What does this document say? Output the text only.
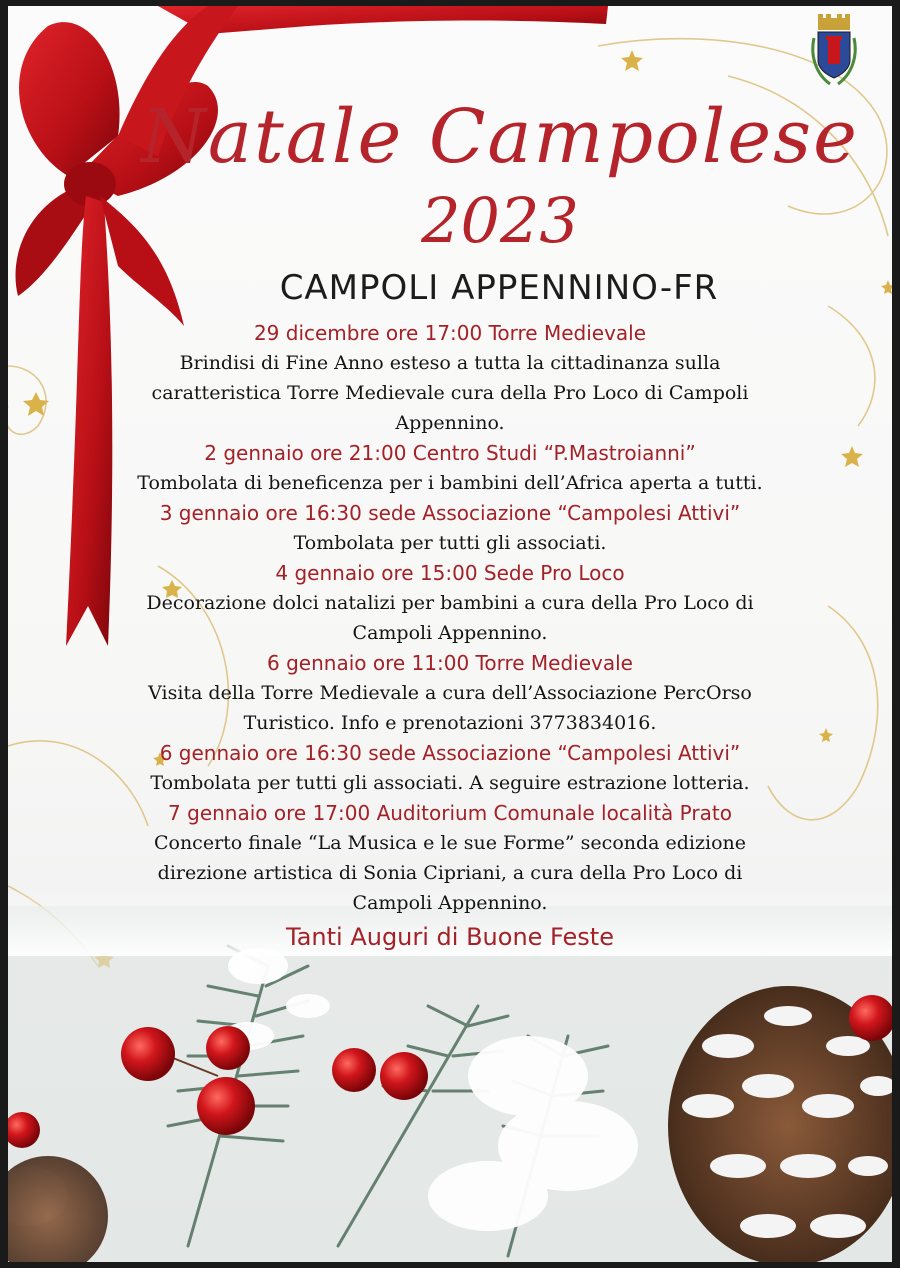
Natale Campolese
2023
CAMPOLI APPENNINO-FR
29 dicembre ore 17:00 Torre Medievale
Brindisi di Fine Anno esteso a tutta la cittadinanza sulla
caratteristica Torre Medievale cura della Pro Loco di Campoli
Appennino.
2 gennaio ore 21:00 Centro Studi “P.Mastroianni”
Tombolata di beneficenza per i bambini dell’Africa aperta a tutti.
3 gennaio ore 16:30 sede Associazione “Campolesi Attivi”
Tombolata per tutti gli associati.
4 gennaio ore 15:00 Sede Pro Loco
Decorazione dolci natalizi per bambini a cura della Pro Loco di
Campoli Appennino.
6 gennaio ore 11:00 Torre Medievale
Visita della Torre Medievale a cura dell’Associazione PercOrso
Turistico. Info e prenotazioni 3773834016.
6 gennaio ore 16:30 sede Associazione “Campolesi Attivi”
Tombolata per tutti gli associati. A seguire estrazione lotteria.
7 gennaio ore 17:00 Auditorium Comunale località Prato
Concerto finale “La Musica e le sue Forme” seconda edizione
direzione artistica di Sonia Cipriani, a cura della Pro Loco di
Campoli Appennino.
Tanti Auguri di Buone Feste
